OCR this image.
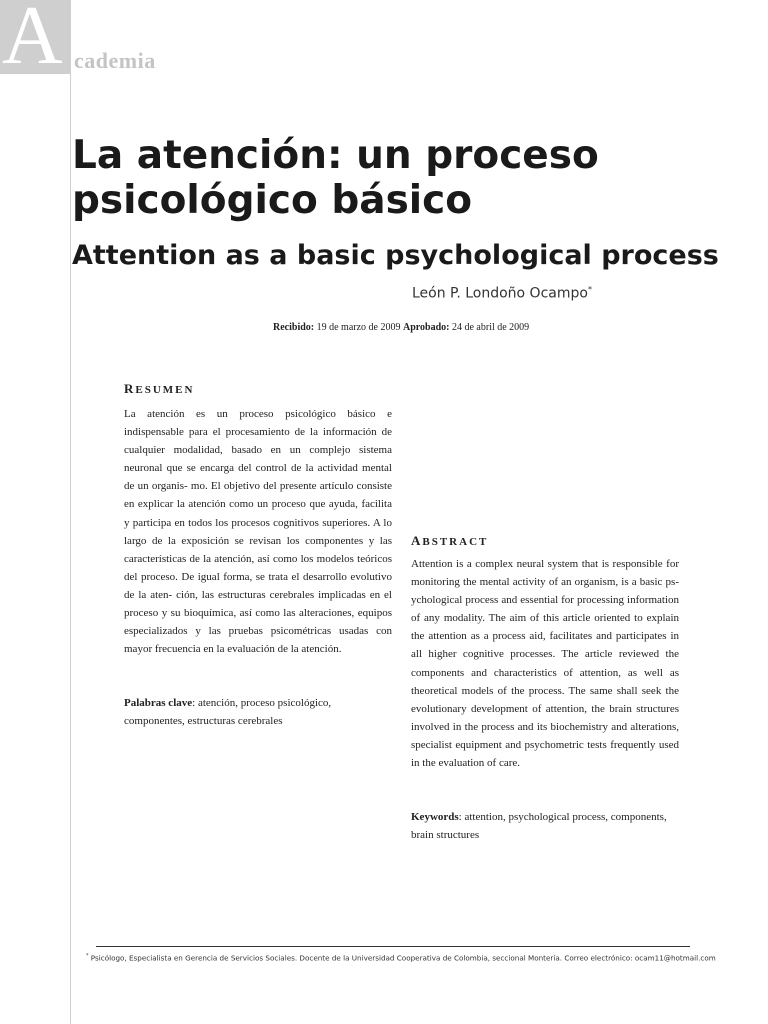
A cademia
La atención: un proceso psicológico básico
Attention as a basic psychological process
León P. Londoño Ocampo*
Recibido: 19 de marzo de 2009 Aprobado: 24 de abril de 2009
RESUMEN

La atención es un proceso psicológico básico e indispensable para el procesamiento de la información de cualquier modalidad, basado en un complejo sistema neuronal que se encarga del control de la actividad mental de un organis- mo. El objetivo del presente artículo consiste en explicar la atención como un proceso que ayuda, facilita y participa en todos los procesos cognitivos superiores. A lo largo de la exposición se revisan los componentes y las características de la atención, así como los modelos teóricos del proceso. De igual forma, se trata el desarrollo evolutivo de la aten- ción, las estructuras cerebrales implicadas en el proceso y su bioquímica, así como las alteraciones, equipos especializados y las pruebas psicométricas usadas con mayor frecuencia en la evaluación de la atención.

Palabras clave: atención, proceso psicológico, componentes, estructuras cerebrales

ABSTRACT

Attention is a complex neural system that is responsible for monitoring the mental activity of an organism, is a basic ps- ychological process and essential for processing information of any modality. The aim of this article oriented to explain the attention as a process aid, facilitates and participates in all higher cognitive processes. The article reviewed the components and characteristics of attention, as well as theoretical models of the process. The same shall seek the evolutionary development of attention, the brain structures involved in the process and its biochemistry and alterations, specialist equipment and psychometric tests frequently used in the evaluation of care.

Keywords: attention, psychological process, components, brain structures

* Psicólogo, Especialista en Gerencia de Servicios Sociales. Docente de la Universidad Cooperativa de Colombia, seccional Montería. Correo electrónico: ocam11@hotmail.com
